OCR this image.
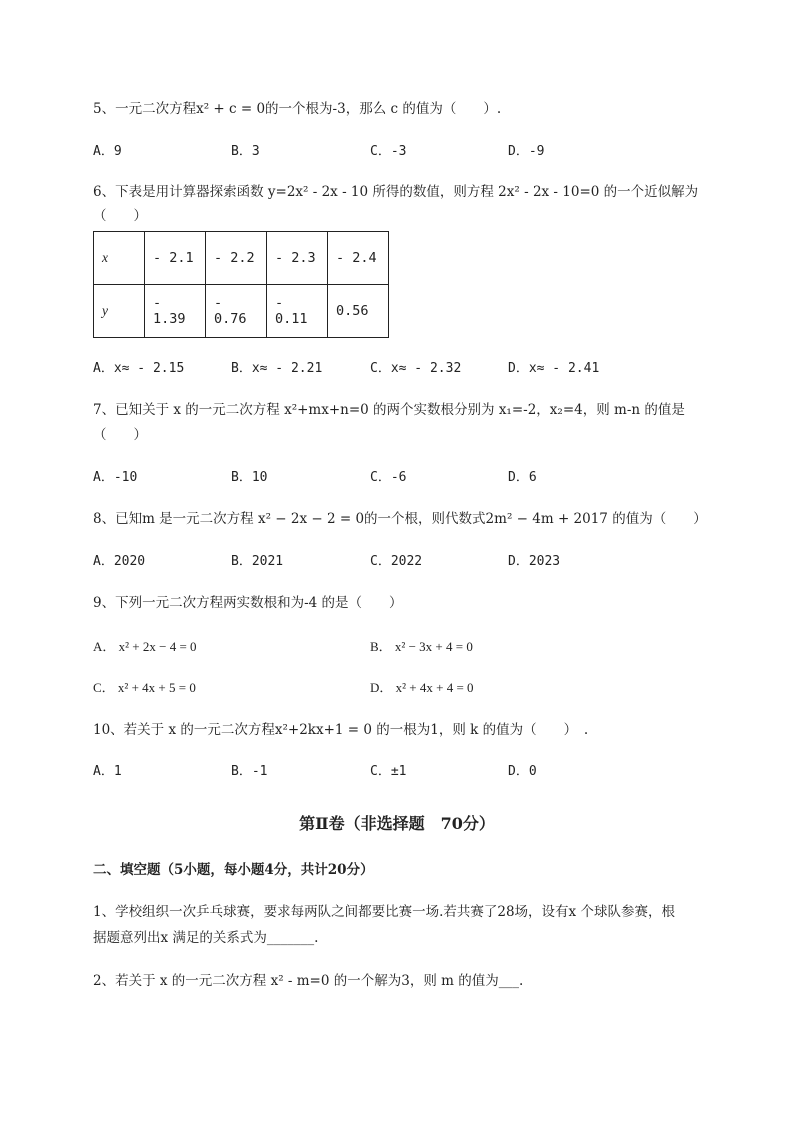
5、一元二次方程x² + c = 0的一个根为-3，那么 c 的值为（　　）.
A．9	B．3	C．-3	D．-9
6、下表是用计算器探索函数 y=2x² - 2x - 10 所得的数值，则方程 2x² - 2x - 10=0 的一个近似解为
（　　）
x	- 2.1	- 2.2	- 2.3	- 2.4
y	- 1.39	- 0.76	- 0.11	0.56
A．x≈ - 2.15	B．x≈ - 2.21	C．x≈ - 2.32	D．x≈ - 2.41
7、已知关于 x 的一元二次方程 x²+mx+n=0 的两个实数根分别为 x₁=-2，x₂=4，则 m-n 的值是
（　　）
A．-10	B．10	C．-6	D．6
8、已知m 是一元二次方程 x² − 2x − 2 = 0的一个根，则代数式2m² − 4m + 2017 的值为（　　）
A．2020	B．2021	C．2022	D．2023
9、下列一元二次方程两实数根和为-4 的是（　　）
A． x² + 2x − 4 = 0	B． x² − 3x + 4 = 0
C． x² + 4x + 5 = 0	D． x² + 4x + 4 = 0
10、若关于 x 的一元二次方程x²+2kx+1 = 0 的一根为1，则 k 的值为（　　）　.
A．1	B．-1	C．±1	D．0
第Ⅱ卷（非选择题　70分）
二、填空题（5小题，每小题4分，共计20分）
1、学校组织一次乒乓球赛，要求每两队之间都要比赛一场.若共赛了28场，设有x 个球队参赛，根
据题意列出x 满足的关系式为_______.
2、若关于 x 的一元二次方程 x² - m=0 的一个解为3，则 m 的值为___.
